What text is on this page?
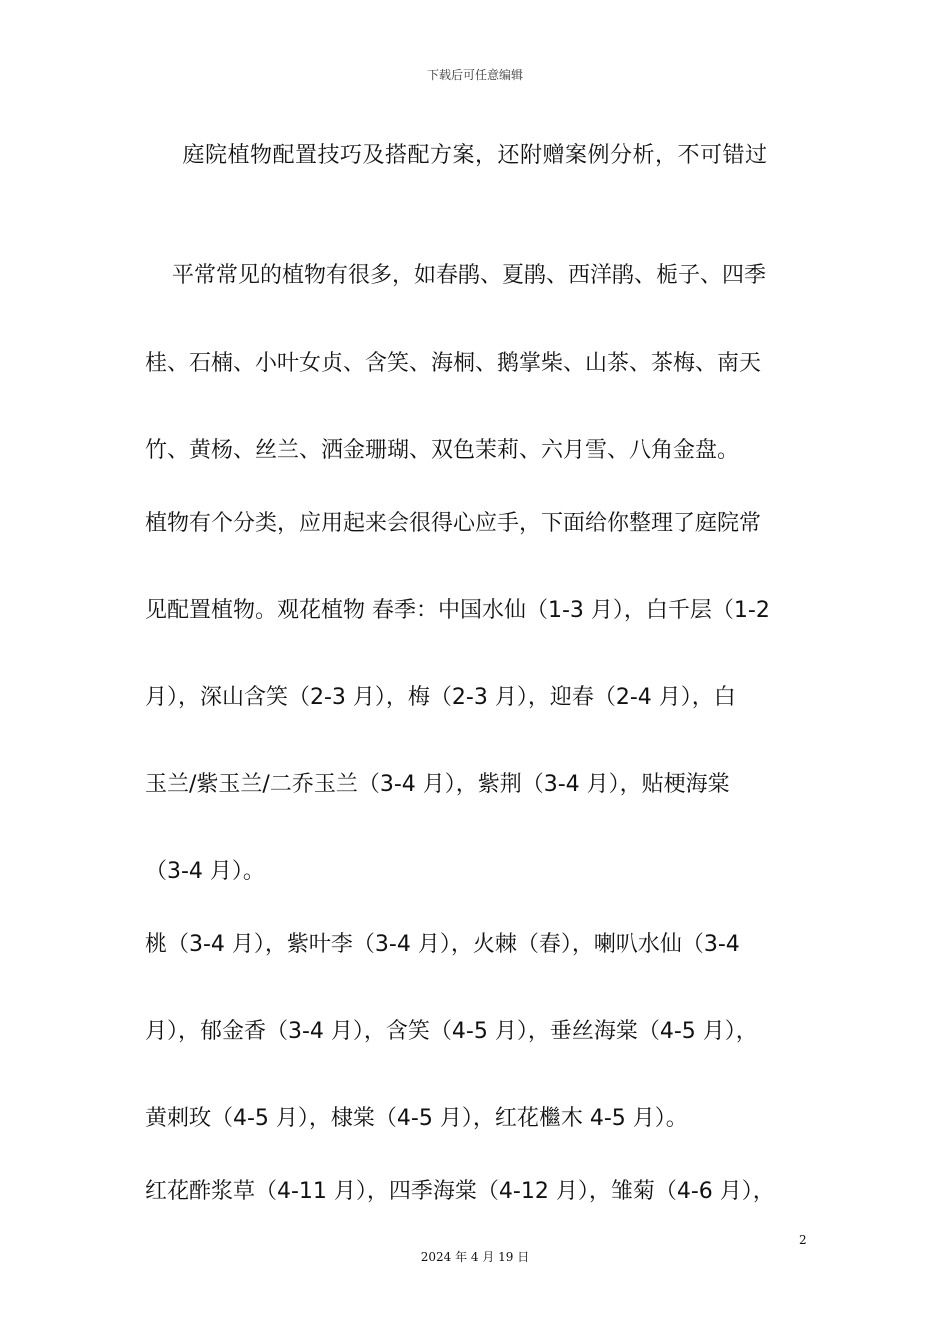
下载后可任意编辑
庭院植物配置技巧及搭配方案，还附赠案例分析，不可错过

平常常见的植物有很多，如春鹃、夏鹃、西洋鹃、栀子、四季

桂、石楠、小叶女贞、含笑、海桐、鹅掌柴、山茶、茶梅、南天

竹、黄杨、丝兰、洒金珊瑚、双色茉莉、六月雪、八角金盘。

植物有个分类，应用起来会很得心应手，下面给你整理了庭院常

见配置植物。观花植物 春季：中国水仙（1-3 月），白千层（1-2

月），深山含笑（2-3 月），梅（2-3 月），迎春（2-4 月），白

玉兰/紫玉兰/二乔玉兰（3-4 月），紫荆（3-4 月），贴梗海棠

（3-4 月）。

桃（3-4 月），紫叶李（3-4 月），火棘（春），喇叭水仙（3-4

月），郁金香（3-4 月），含笑（4-5 月），垂丝海棠（4-5 月），

黄刺玫（4-5 月），棣棠（4-5 月），红花檵木 4-5 月）。

红花酢浆草（4-11 月），四季海棠（4-12 月），雏菊（4-6 月），

2
2024 年 4 月 19 日
